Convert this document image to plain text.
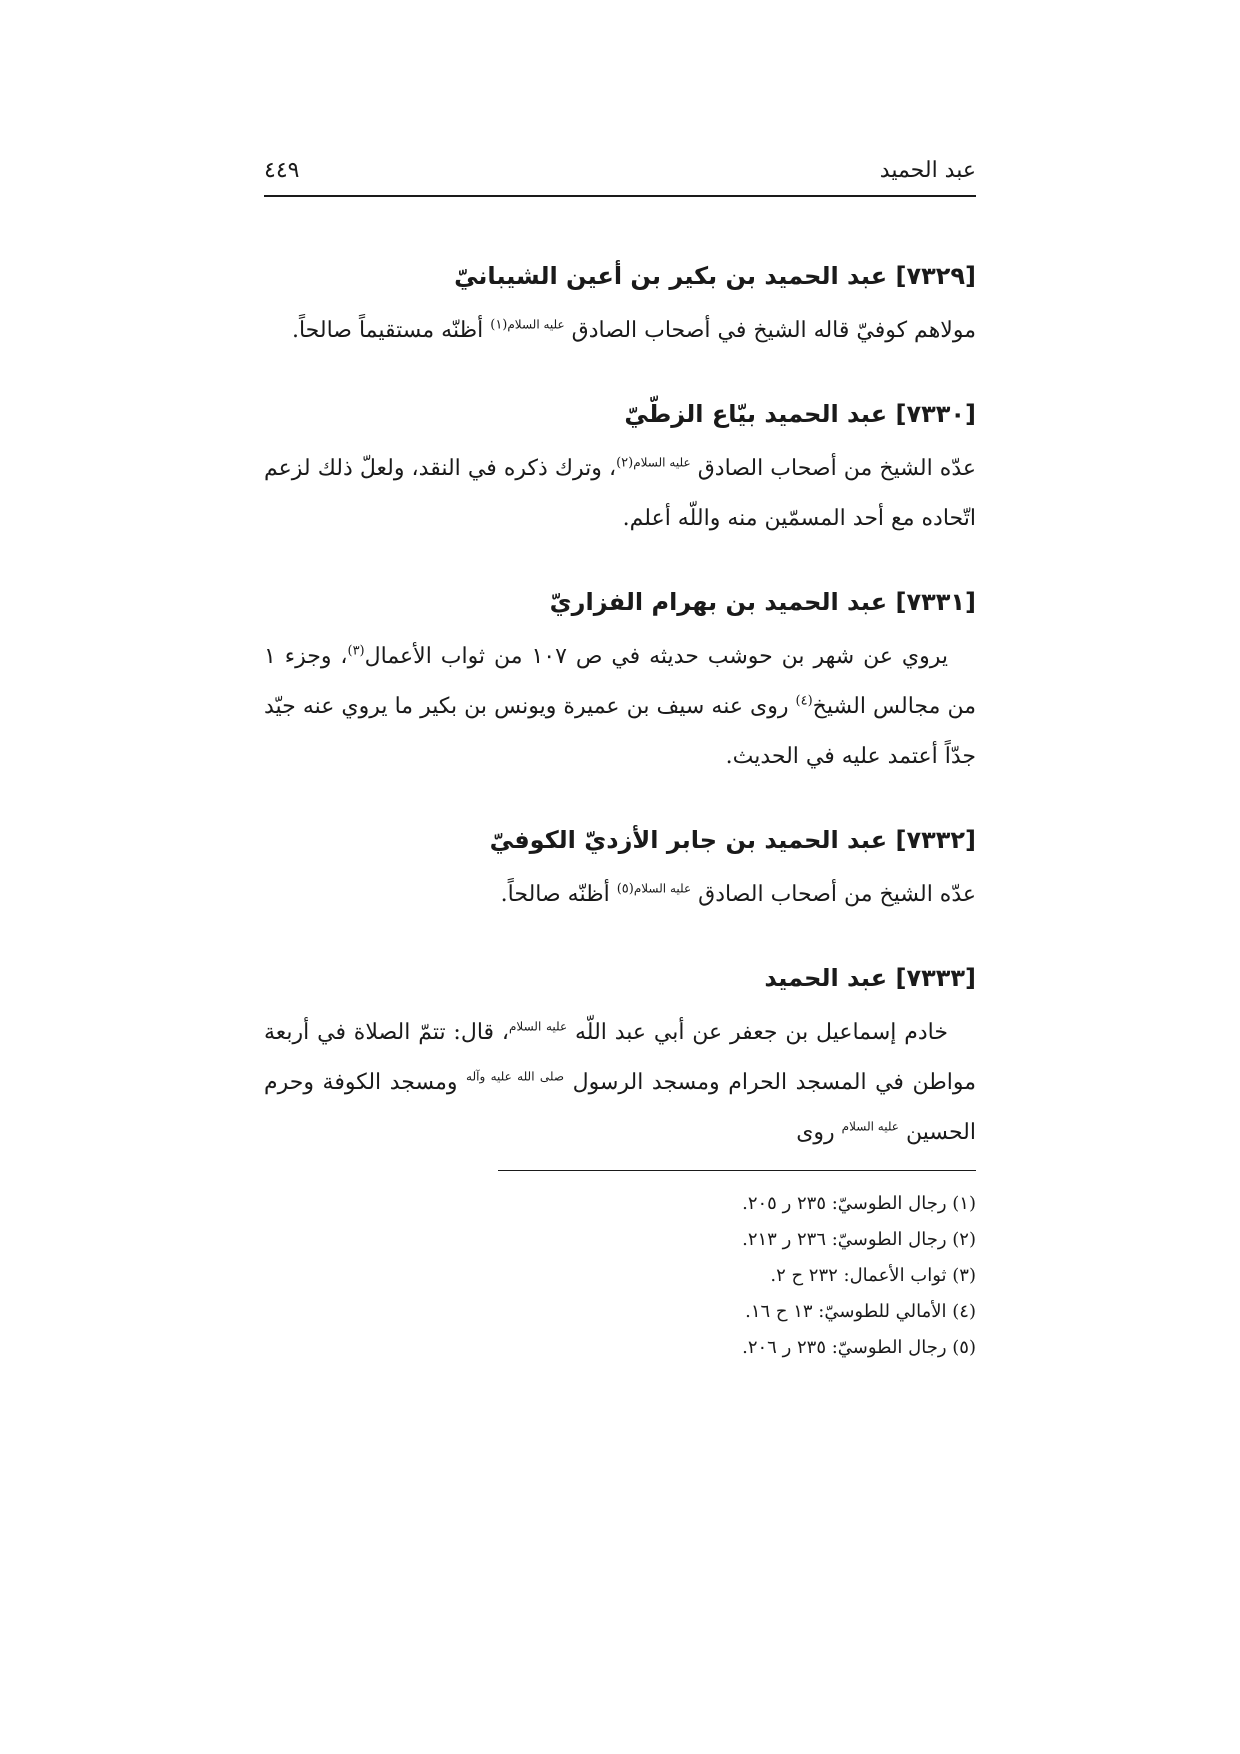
عبد الحميد
٤٤٩
[٧٣٢٩] عبد الحميد بن بكير بن أعين الشيبانيّ

مولاهم كوفيّ قاله الشيخ في أصحاب الصادق $^{عليه السلام(١)}$ أظنّه مستقيماً صالحاً.

[٧٣٣٠] عبد الحميد بيّاع الزطّيّ

عدّه الشيخ من أصحاب الصادق $^{عليه السلام(٢)}$، وترك ذكره في النقد، ولعلّ ذلك لزعم اتّحاده مع أحد المسمّين منه واللّه أعلم.

[٧٣٣١] عبد الحميد بن بهرام الفزاريّ

يروي عن شهر بن حوشب حديثه في ص ١٠٧ من ثواب الأعمال$^{(٣)}$، وجزء ١ من مجالس الشيخ$^{(٤)}$ روى عنه سيف بن عميرة ويونس بن بكير ما يروي عنه جيّد جدّاً أعتمد عليه في الحديث.

[٧٣٣٢] عبد الحميد بن جابر الأزديّ الكوفيّ

عدّه الشيخ من أصحاب الصادق $^{عليه السلام(٥)}$ أظنّه صالحاً.

[٧٣٣٣] عبد الحميد

خادم إسماعيل بن جعفر عن أبي عبد اللّه $^{عليه السلام}$، قال: تتمّ الصلاة في أربعة مواطن في المسجد الحرام ومسجد الرسول $^{صلى الله عليه وآله}$ ومسجد الكوفة وحرم الحسين $^{عليه السلام}$ روى

(١) رجال الطوسيّ: ٢٣٥ ر ٢٠٥.
(٢) رجال الطوسيّ: ٢٣٦ ر ٢١٣.
(٣) ثواب الأعمال: ٢٣٢ ح ٢.
(٤) الأمالي للطوسيّ: ١٣ ح ١٦.
(٥) رجال الطوسيّ: ٢٣٥ ر ٢٠٦.
